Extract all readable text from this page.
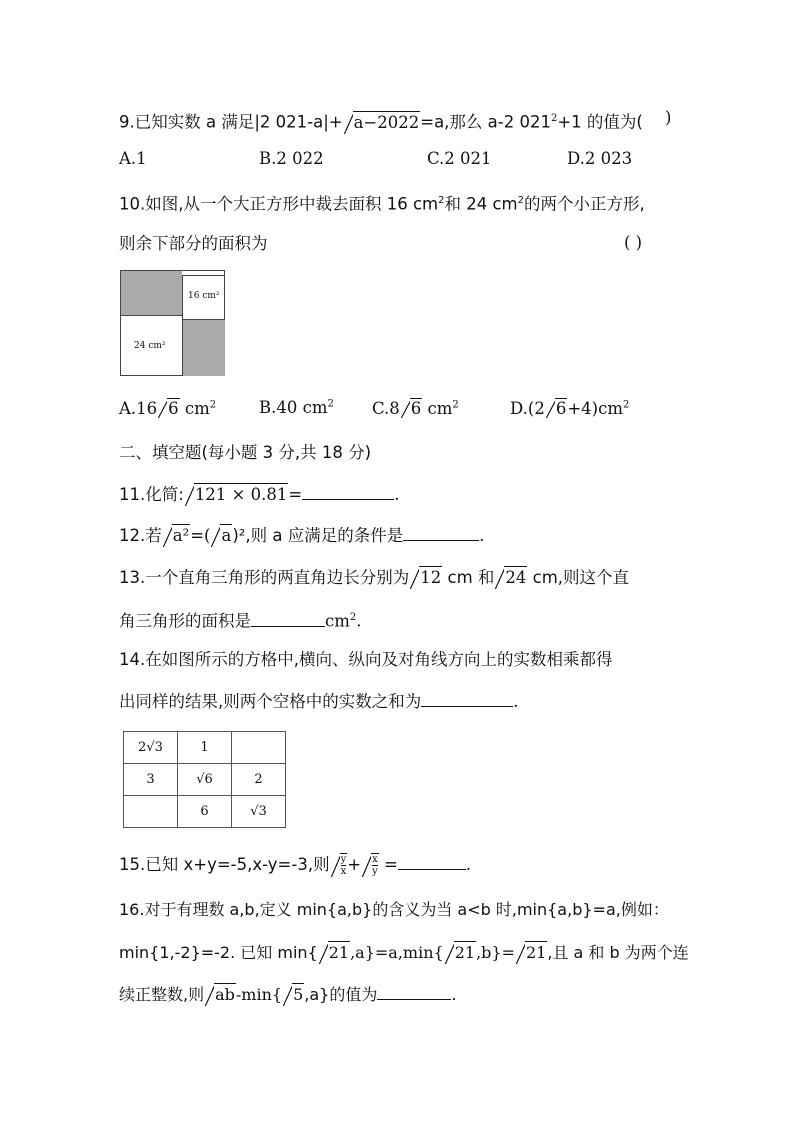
9.已知实数 a 满足|2 021-a|+ a−2022=a,那么 a-2 $021^2+1$ 的值为( )
A.1	B.2 022	C.2 021	D.2 023
10.如图,从一个大正方形中裁去面积 16 $cm^2$和 24 $cm^2$的两个小正方形,
则余下部分的面积为	( )
16 cm²
24 cm²
A.16 6 $cm^2$	B.40 $cm^2$ C.8 6 $cm^2$	D.(2 $6+4)cm^2$
二、填空题(每小题 3 分,共 18 分)
11.化简: 121 × 0.81=	.
12.若 a²=( a)²,则 a 应满足的条件是	.
13.一个直角三角形的两直角边长分别为 12 cm 和 24 cm,则这个直
角三角形的面积是	$cm^2$.
14.在如图所示的方格中,横向、纵向及对角线方向上的实数相乘都得
出同样的结果,则两个空格中的实数之和为	.
2√3	1	
3	√6	2
	6	√3
15.已知 x+y=-5,x-y=-3,则 $\frac{y}{x} + \frac{x}{y}$ =	.
16.对于有理数 a,b,定义 min{a,b}的含义为当 a<b 时,min{a,b}=a,例如：
min{1,-2}=-2. 已知 min{ 21,a}=a,min{ 21,b}= 21,且 a 和 b 为两个连
续正整数,则 ab-min{ 5,a}的值为	.
